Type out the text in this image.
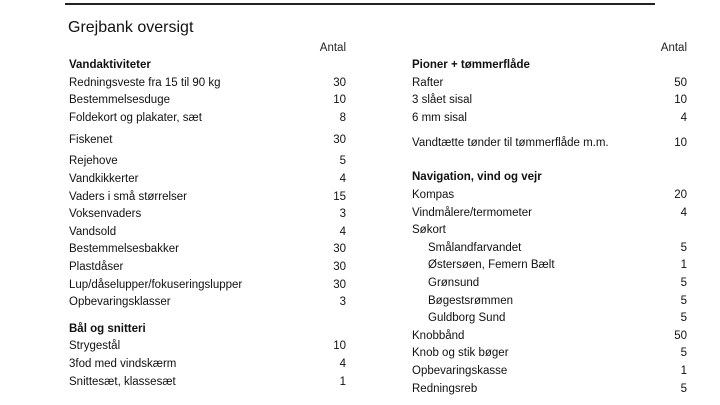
Grejbank oversigt
Antal
Vandaktiviteter
Redningsveste fra 15 til 90 kg	30
Bestemmelsesduge	10
Foldekort og plakater, sæt	8
Fiskenet	30
Rejehove	5
Vandkikkerter	4
Vaders i små størrelser	15
Voksenvaders	3
Vandsold	4
Bestemmelsesbakker	30
Plastdåser	30
Lup/dåselupper/fokuseringslupper	30
Opbevaringsklasser	3
Bål og snitteri
Strygestål	10
3fod med vindskærm	4
Snittesæt, klassesæt	1
Antal
Pioner + tømmerflåde
Rafter	50
3 slået sisal	10
6 mm sisal	4
Vandtætte tønder til tømmerflåde m.m.	10
Navigation, vind og vejr
Kompas	20
Vindmålere/termometer	4
Søkort
Smålandfarvandet	5
Østersøen, Femern Bælt	1
Grønsund	5
Bøgestsrømmen	5
Guldborg Sund	5
Knobbånd	50
Knob og stik bøger	5
Opbevaringskasse	1
Redningsreb	5
